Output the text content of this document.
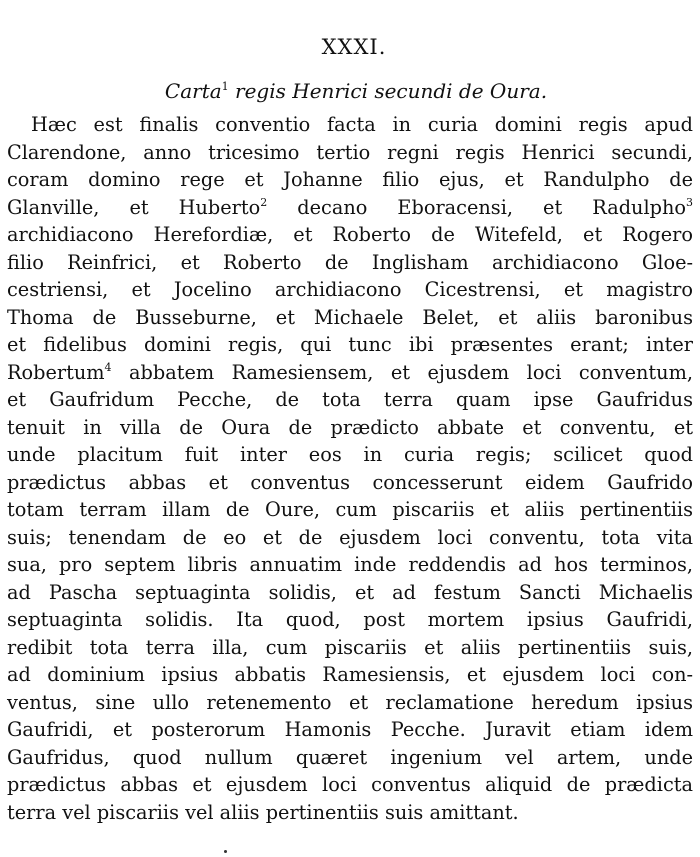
XXXI.
Carta$^1$ regis Henrici secundi de Oura.
Hæc est finalis conventio facta in curia domini regis apud
Clarendone, anno tricesimo tertio regni regis Henrici secundi,
coram domino rege et Johanne filio ejus, et Randulpho de
Glanville, et Huberto$^2$ decano Eboracensi, et Radulpho$^3$
archidiacono Herefordiæ, et Roberto de Witefeld, et Rogero
filio Reinfrici, et Roberto de Inglisham archidiacono Gloe-
cestriensi, et Jocelino archidiacono Cicestrensi, et magistro
Thoma de Busseburne, et Michaele Belet, et aliis baronibus
et fidelibus domini regis, qui tunc ibi præsentes erant; inter
Robertum$^4$ abbatem Ramesiensem, et ejusdem loci conventum,
et Gaufridum Pecche, de tota terra quam ipse Gaufridus
tenuit in villa de Oura de prædicto abbate et conventu, et
unde placitum fuit inter eos in curia regis; scilicet quod
prædictus abbas et conventus concesserunt eidem Gaufrido
totam terram illam de Oure, cum piscariis et aliis pertinentiis
suis; tenendam de eo et de ejusdem loci conventu, tota vita
sua, pro septem libris annuatim inde reddendis ad hos terminos,
ad Pascha septuaginta solidis, et ad festum Sancti Michaelis
septuaginta solidis. Ita quod, post mortem ipsius Gaufridi,
redibit tota terra illa, cum piscariis et aliis pertinentiis suis,
ad dominium ipsius abbatis Ramesiensis, et ejusdem loci con-
ventus, sine ullo retenemento et reclamatione heredum ipsius
Gaufridi, et posterorum Hamonis Pecche. Juravit etiam idem
Gaufridus, quod nullum quæret ingenium vel artem, unde
prædictus abbas et ejusdem loci conventus aliquid de prædicta
terra vel piscariis vel aliis pertinentiis suis amittant.
